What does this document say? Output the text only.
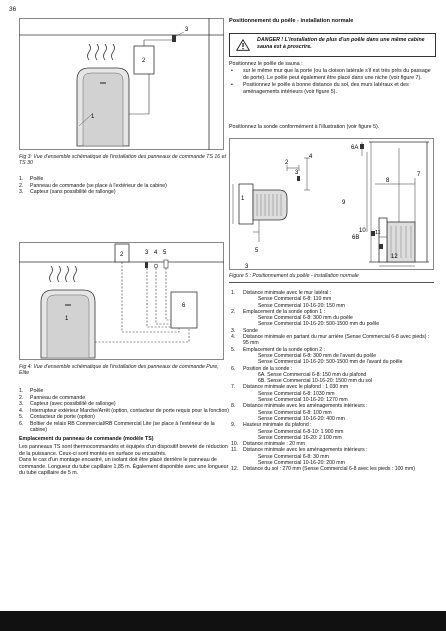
36
1
2
3
Fig 3: Vue d'ensemble schématique de l'installation des panneaux de commande TS 16 et TS 30
1.	Poêle
2.	Panneau de commande (se place à l'extérieur de la cabine)
3.	Capteur (sans possibilité de rallonge)
3 4 5
2
6
1
Fig 4: Vue d'ensemble schématique de l'installation des panneaux de commande Pure, Elite
1.	Poêle
2.	Panneau de commande
3.	Capteur (avec possibilité de rallonge)
4.	Interrupteur extérieur Marche/Arrêt (option, contacteur de porte requis pour la fonction)
5.	Contacteur de porte (option)
6.	Boîtier de relais RB Commercial/RB Commercial Lite (se place à l'extérieur de la cabine)
Emplacement du panneau de commande (modèle TS)
Les panneaux TS sont thermocommandés et équipés d'un dispositif breveté de réduction de la puissance. Ceux-ci sont montés en surface ou encastrés.
Dans le cas d'un montage encastré, un isolant doit être placé derrière le panneau de commande. Longueur du tube capillaire 1,85 m. Également disponible avec une longueur du tube capillaire de 5 m.
Positionnement du poêle - installation normale
DANGER ! L'installation de plus d'un poêle dans une même cabine sauna est à proscrire.
Positionnez le poêle de sauna :
•	sur le même mur que la porte (ou la cloison latérale s'il est très près du passage de porte). Le poêle peut également être placé dans une niche (voir figure 7).
•	Positionnez le poêle à bonne distance du sol, des murs latéraux et des aménagements intérieurs (voir figure 5).
Positionnez la sonde conformément à l'illustration (voir figure 5).
1
2
3
4
5
3
6A
6B
7
8
9
10 11
12
Figure 5 : Positionnement du poêle - installation normale
1.	Distance minimale avec le mur latéral :
Sense Commercial 6-8: 110 mm
Sense Commercial 10-16-20: 150 mm
2.	Emplacement de la sonde option 1 :
Sense Commercial 6-8: 300 mm du poêle
Sense Commercial 10-16-20: 500-1500 mm du poêle
3.	Sonde
4.	Distance minimale en partant du mur arrière (Sense Commercial 6-8 avec pieds) : 95 mm
5.	Emplacement de la sonde option 2 :
Sense Commercial 6-8: 300 mm de l'avant du poêle
Sense Commercial 10-16-20: 500-1500 mm de l'avant du poêle
6.	Position de la sonde :
6A. Sense Commercial 6-8: 150 mm du plafond
6B. Sense Commercial 10-16-20: 1500 mm du sol
7.	Distance minimale avec le plafond : 1 030 mm
Sense Commercial 6-8: 1030 mm
Sense Commercial 10-16-20: 1270 mm
8.	Distance minimale avec les aménagements intérieurs :
Sense Commercial 6-8: 100 mm
Sense Commercial 10-16-20: 400 mm
9.	Hauteur minimale du plafond :
Sense Commercial 6-8-10: 1 900 mm
Sense Commercial 16-20: 2 100 mm
10. Distance minimale : 20 mm
11.	Distance minimale avec les aménagements intérieurs :
Sense Commercial 6-8: 30 mm
Sense Commercial 10-16-20: 200 mm
12. Distance du sol : 270 mm (Sense Commercial 6-8 avec les pieds : 100 mm)
